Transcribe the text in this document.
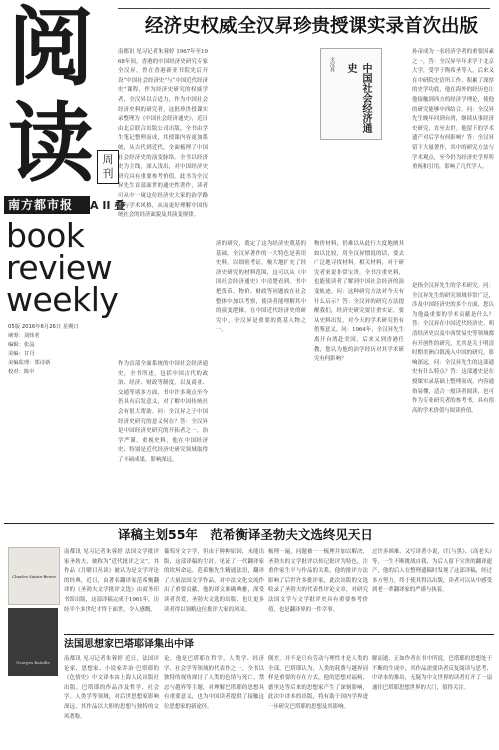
阅
读 周刊
南方都市报	A II 叠
book
review
weekly
05版 2016年6月26日 星期日
统筹：刘炜茗
编辑：张晶
美编：甘丹
美编监理：郑诗新
校对：陈中
经济史权威全汉昇珍贵授课实录首次出版
南都讯 见习记者朱蓉婷 1967年至1968年间，香港的中国经济史研究专家全汉昇，曾在香港新亚书院先后开设“中国社会经济史”与“中国近代经济史”课程，作为经济史研究的权威学者，全汉昇以合适力，作为中国社会经济史料的研究者，这批珍贵授课实录整理为《中国社会经济通史》，近日由北京联合出版公司出版，全书由学生笔记整理而成，其授课内容更加系统，从古代到近代，全面梳理了中国社会经济史的演变脉络。全书以经济史为主线，深入浅出，对中国经济史研究具有重要参考价值。此书为全汉昇先生首部面世的通史性著作，读者可从中一窥这位经济史大家的治学路径与学术风格，从而更好理解中国传统社会的经济面貌及其演变规律。
作为首部全面系统的中国社会经济通史，全书所述，包括中国古代的政治、经济、财政等制度，以及商业、交通等诸多方面，书中许多观点至今仍具有启发意义，对了解中国传统社会有很大帮助。问：全汉昇之于中国经济史研究的意义何在？答：全汉昇是中国经济史研究的开拓者之一，治学严谨，重视史料，他在中国经济史、特别是近代经济史研究领域取得了丰硕成果，影响深远。
中国社会经济通史
全汉昇
济的研究，奠定了这为经济史奠基的基础。全汉昇著作的一大特色是善用史料，以细密考证，极大地扩充了经济史研究的材料范围，这可以从《中国社会经济通史》中清楚看到。书中把货币、物价、财政等问题放在社会整体中加以考察，使读者能理解其中的演变逻辑，在中国近代经济史的研究中，全汉昇是重要的奠基人物之一。
物价材料，仍难以从此行大度地阐其如以比较，用全汉昇惯说的话，要去广泛地寻找材料。相关材料，对于研究者来说非常宝贵，全书注重史料，也能使读者了解到中国社会经济的演变轨迹。问：这种研究方法对今天有什么启示？答：全汉昇的研究方法提醒我们，经济史研究要注重实证，要从史料出发，对今天的学术研究仍有借鉴意义。问：1964年，全汉昇先生离开台湾赴美国，后来又到香港任教，您认为他的治学经历对其学术研究有何影响？
孙帝成为一名经济学者的重要因素之一，答：全汉昇早年求学于北京大学，受学于陶希圣等人，后来又在中研院史语所工作，积累了深厚的史学功底，他在海外的经历也让他接触到西方的经济学理论，使他的研究能够中西结合。问：全汉昇先生晚年回到台湾，继续从事经济史研究，直至去世。他留下的学术遗产对后学有何影响？答：全汉昇留下大量著作，其中的研究方法与学术观点，至今仍为经济史学界所重视和引用，影响了几代学人。
是指全汉昇先生的学术研究。问：全汉昇先生的研究领域非常广泛，涉及中国经济史的多个方面，您认为他最重要的学术贡献是什么？答：全汉昇在中国近代经济史、明清经济史以及中西贸易史等领域都有开创性的研究，尤其是关于明清时期美洲白银流入中国的研究，影响深远。问：全汉昇先生的这部通史有什么特点？答：这部通史是在授课实录基础上整理而成，内容通俗易懂，适合一般读者阅读，也可作为专业研究者的参考书，具有很高的学术价值与阅读价值。
译稿主划55年　范希衡译圣勃夫文选终见天日
Charles Sainte-Beuve
南都讯 见习记者朱蓉婷 法国文学批评家圣勃夫，被称为“近代批评之父”，其作品《月曜日丛谈》被认为是文学评论的经典，近日，由著名翻译家范希衡翻译的《圣勃夫文学批评文选》由商务印书馆出版，这部译稿完成于1961年，历经半个多世纪才终于面世，令人感慨。
葡萄牙文字学，但由于种种原因，未能出版，这部译稿的尘封，见证了一代翻译家的坎坷命运。范希衡先生精通法语，翻译了大量法国文学作品，对中法文化交流作出了重要贡献，他的译文准确典雅，深受读者喜爱，圣勃夫文选的出版，也让更多读者得以领略这位批评大家的风采。
梳理一遍，问题被一一梳理并加以解决，圣勃夫的文学批评以传记批评为特色，注重作家生平与作品的关系，他的批评方法影响了后世许多批评家，此次出版的文选收录了圣勃夫的代表性评论文章，对研究法国文学与文学批评史具有重要参考价值，也是翻译界的一件幸事。
过许多困难，又写译著小说，《红与黑》、《高老头》等，一生不断挑战自我，为后人留下宝贵的翻译遗产，他的后人在整理遗稿时发现了这部译稿，经过多方努力，终于使其得以出版，读者可以从中感受到老一辈翻译家的严谨与执着。
法国思想家巴塔耶译集出中译
Georges Bataille
南都讯 见习记者朱蓉婷 近日，法国评论家、思想家、小说家乔治·巴塔耶的《色情史》中文译本由上海人民出版社出版，巴塔耶的作品涉及哲学、社会学、人类学等领域，对后世思想家影响深远，其作品以大胆的思想与独特的文风著称。
论，他是巴塔耶在哲学、人类学、经济学、社会学等领域的代表作之一，全书以独特的视角探讨了人类的色情与死亡、禁忌与越界等主题，对理解巴塔耶的思想具有重要意义，也为中国读者提供了接触这位思想家的新途径。
倒差，并不是只有劳动与理性才是人类的全部，巴塔耶认为，人类的耗费与越界同样是重要的存在方式，他的思想对福柯、德里达等后来的思想家产生了深刻影响，此次中译本的出版，将有助于国内学界进一步研究巴塔耶的思想及其影响。
解而逝，正如作者在书中所说，巴塔耶的思想处于不断的生成中，其作品需要读者反复阅读与思考，中译本的推出，无疑为中文世界的读者打开了一扇通往巴塔耶思想世界的大门，值得关注。
